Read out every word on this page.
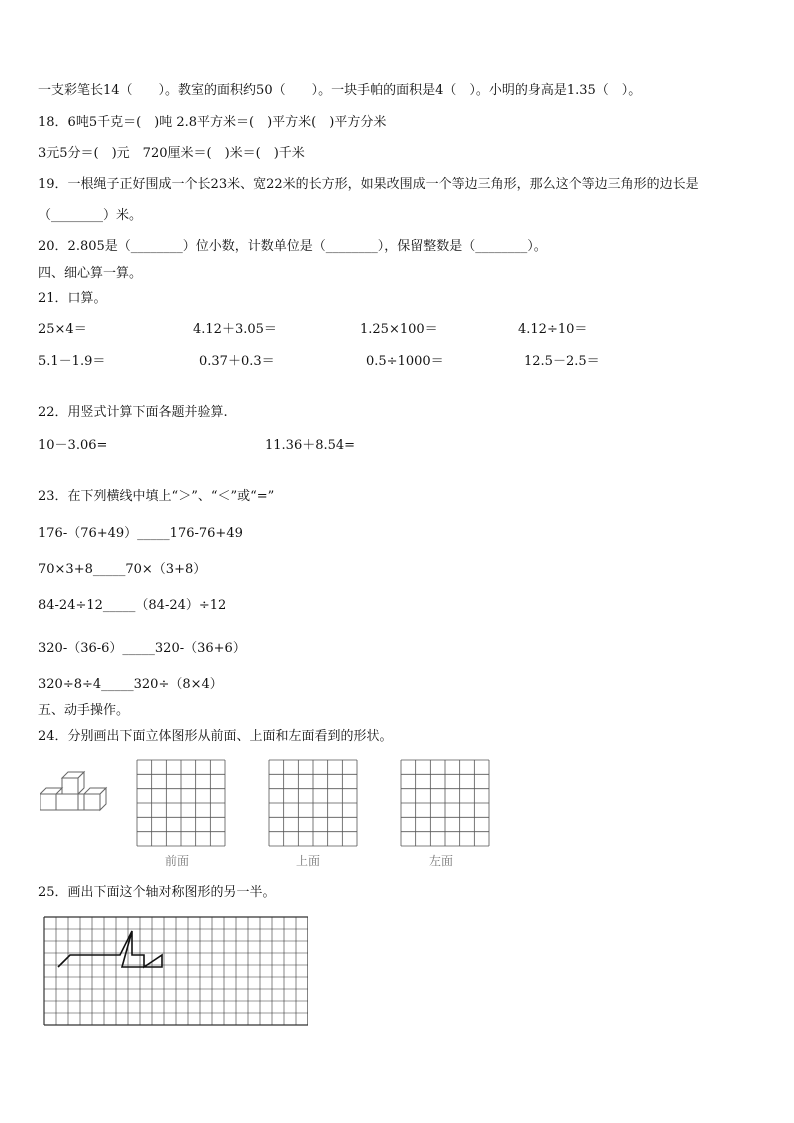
一支彩笔长14（　　）。教室的面积约50（　　）。一块手帕的面积是4（　）。小明的身高是1.35（　）。
18．6吨5千克＝(　)吨 2.8平方米＝(　)平方米(　)平方分米
3元5分＝(　)元　720厘米＝(　)米＝(　)千米
19．一根绳子正好围成一个长23米、宽22米的长方形，如果改围成一个等边三角形，那么这个等边三角形的边长是
（________）米。
20．2.805是（________）位小数，计数单位是（________），保留整数是（________）。
四、细心算一算。
21．口算。
25×4＝	4.12＋3.05＝	1.25×100＝	4.12÷10＝
5.1－1.9＝	0.37＋0.3＝	0.5÷1000＝	12.5－2.5＝
22．用竖式计算下面各题并验算.
10－3.06=	11.36＋8.54=
23．在下列横线中填上“＞”、“＜”或“=”
176-（76+49）_____176-76+49
70×3+8_____70×（3+8）
84-24÷12_____（84-24）÷12
320-（36-6）_____320-（36+6）
320÷8÷4_____320÷（8×4）
五、动手操作。
24．分别画出下面立体图形从前面、上面和左面看到的形状。
前面	上面	左面
25．画出下面这个轴对称图形的另一半。
